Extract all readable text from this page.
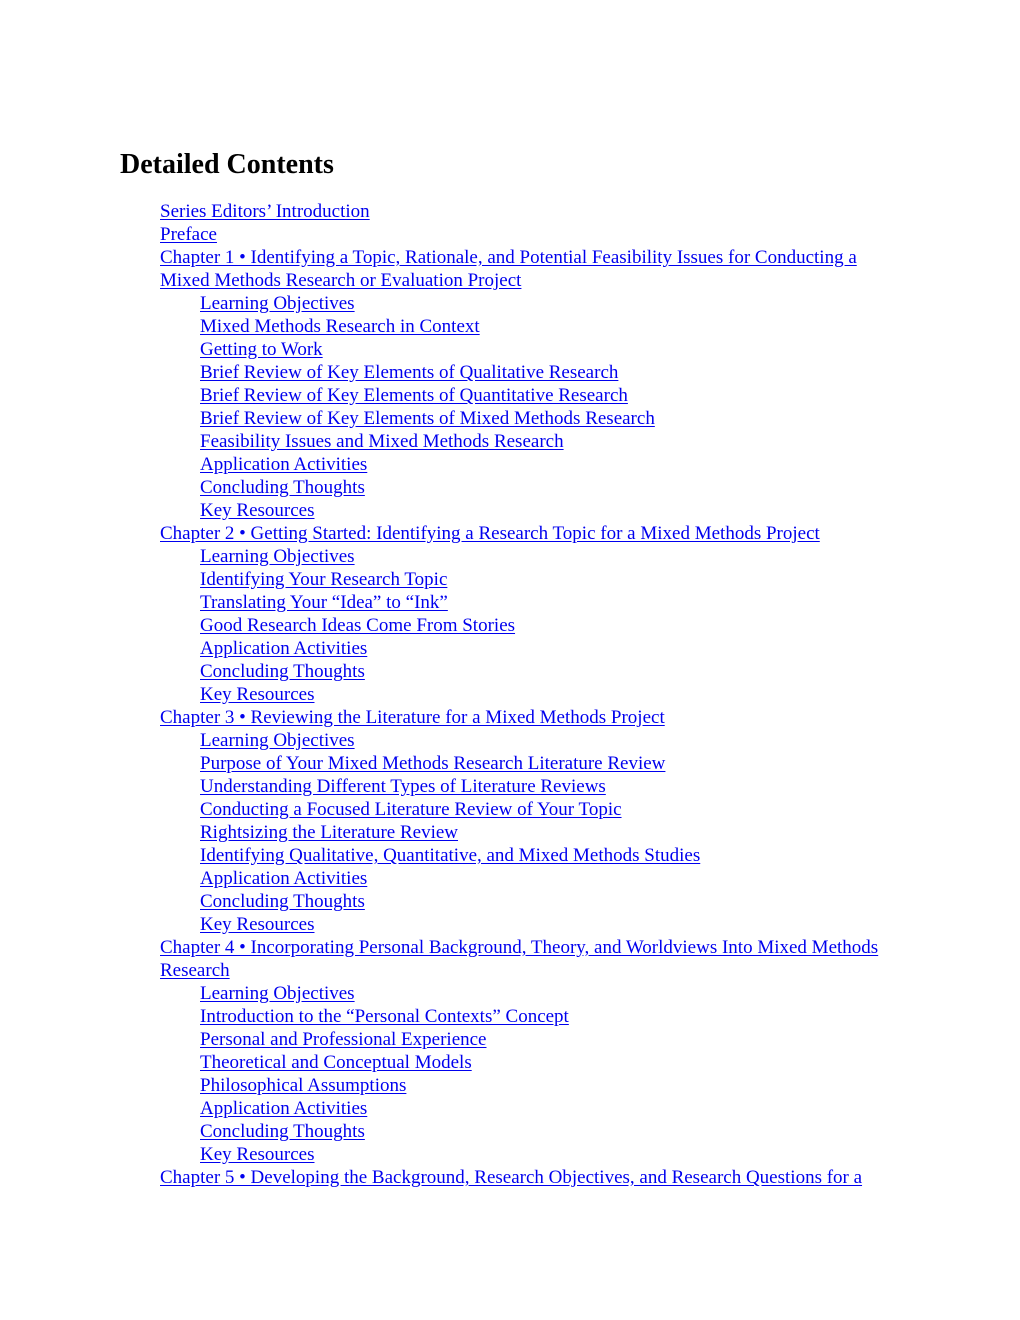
Detailed Contents
Series Editors’ Introduction
Preface
Chapter 1 • Identifying a Topic, Rationale, and Potential Feasibility Issues for Conducting a Mixed Methods Research or Evaluation Project
Learning Objectives
Mixed Methods Research in Context
Getting to Work
Brief Review of Key Elements of Qualitative Research
Brief Review of Key Elements of Quantitative Research
Brief Review of Key Elements of Mixed Methods Research
Feasibility Issues and Mixed Methods Research
Application Activities
Concluding Thoughts
Key Resources
Chapter 2 • Getting Started: Identifying a Research Topic for a Mixed Methods Project
Learning Objectives
Identifying Your Research Topic
Translating Your “Idea” to “Ink”
Good Research Ideas Come From Stories
Application Activities
Concluding Thoughts
Key Resources
Chapter 3 • Reviewing the Literature for a Mixed Methods Project
Learning Objectives
Purpose of Your Mixed Methods Research Literature Review
Understanding Different Types of Literature Reviews
Conducting a Focused Literature Review of Your Topic
Rightsizing the Literature Review
Identifying Qualitative, Quantitative, and Mixed Methods Studies
Application Activities
Concluding Thoughts
Key Resources
Chapter 4 • Incorporating Personal Background, Theory, and Worldviews Into Mixed Methods Research
Learning Objectives
Introduction to the “Personal Contexts” Concept
Personal and Professional Experience
Theoretical and Conceptual Models
Philosophical Assumptions
Application Activities
Concluding Thoughts
Key Resources
Chapter 5 • Developing the Background, Research Objectives, and Research Questions for a
